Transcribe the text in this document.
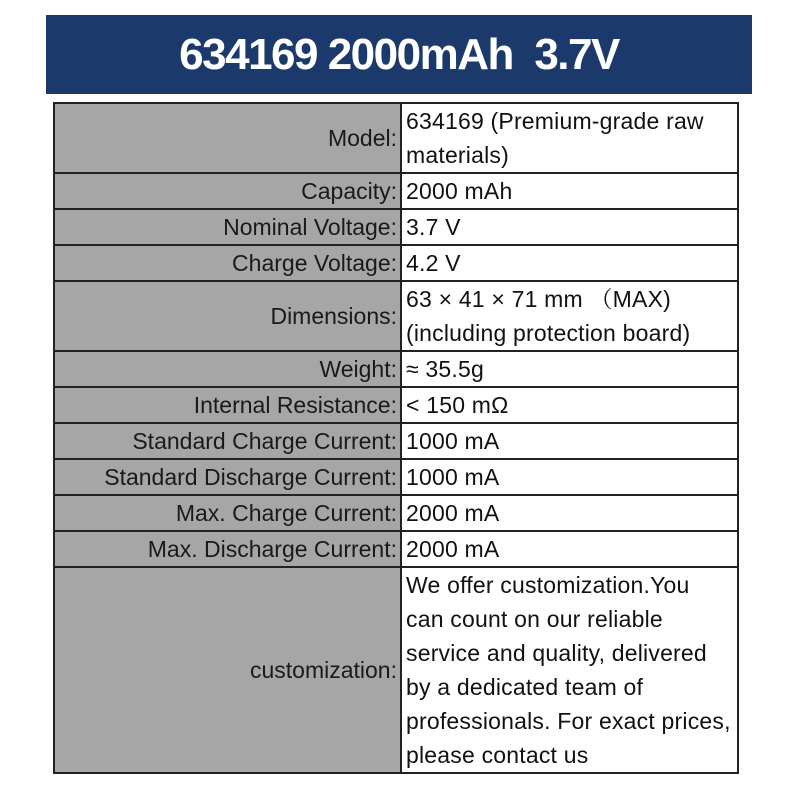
634169 2000mAh  3.7V
Model:	634169 (Premium-grade raw materials)
Capacity:	2000 mAh
Nominal Voltage:	3.7 V
Charge Voltage:	4.2 V
Dimensions:	63 × 41 × 71 mm （MAX) (including protection board)
Weight:	≈ 35.5g
Internal Resistance:	< 150 mΩ
Standard Charge Current:	1000 mA
Standard Discharge Current:	1000 mA
Max. Charge Current:	2000 mA
Max. Discharge Current:	2000 mA
customization:	We offer customization.You can count on our reliable service and quality, delivered by a dedicated team of professionals. For exact prices, please contact us
